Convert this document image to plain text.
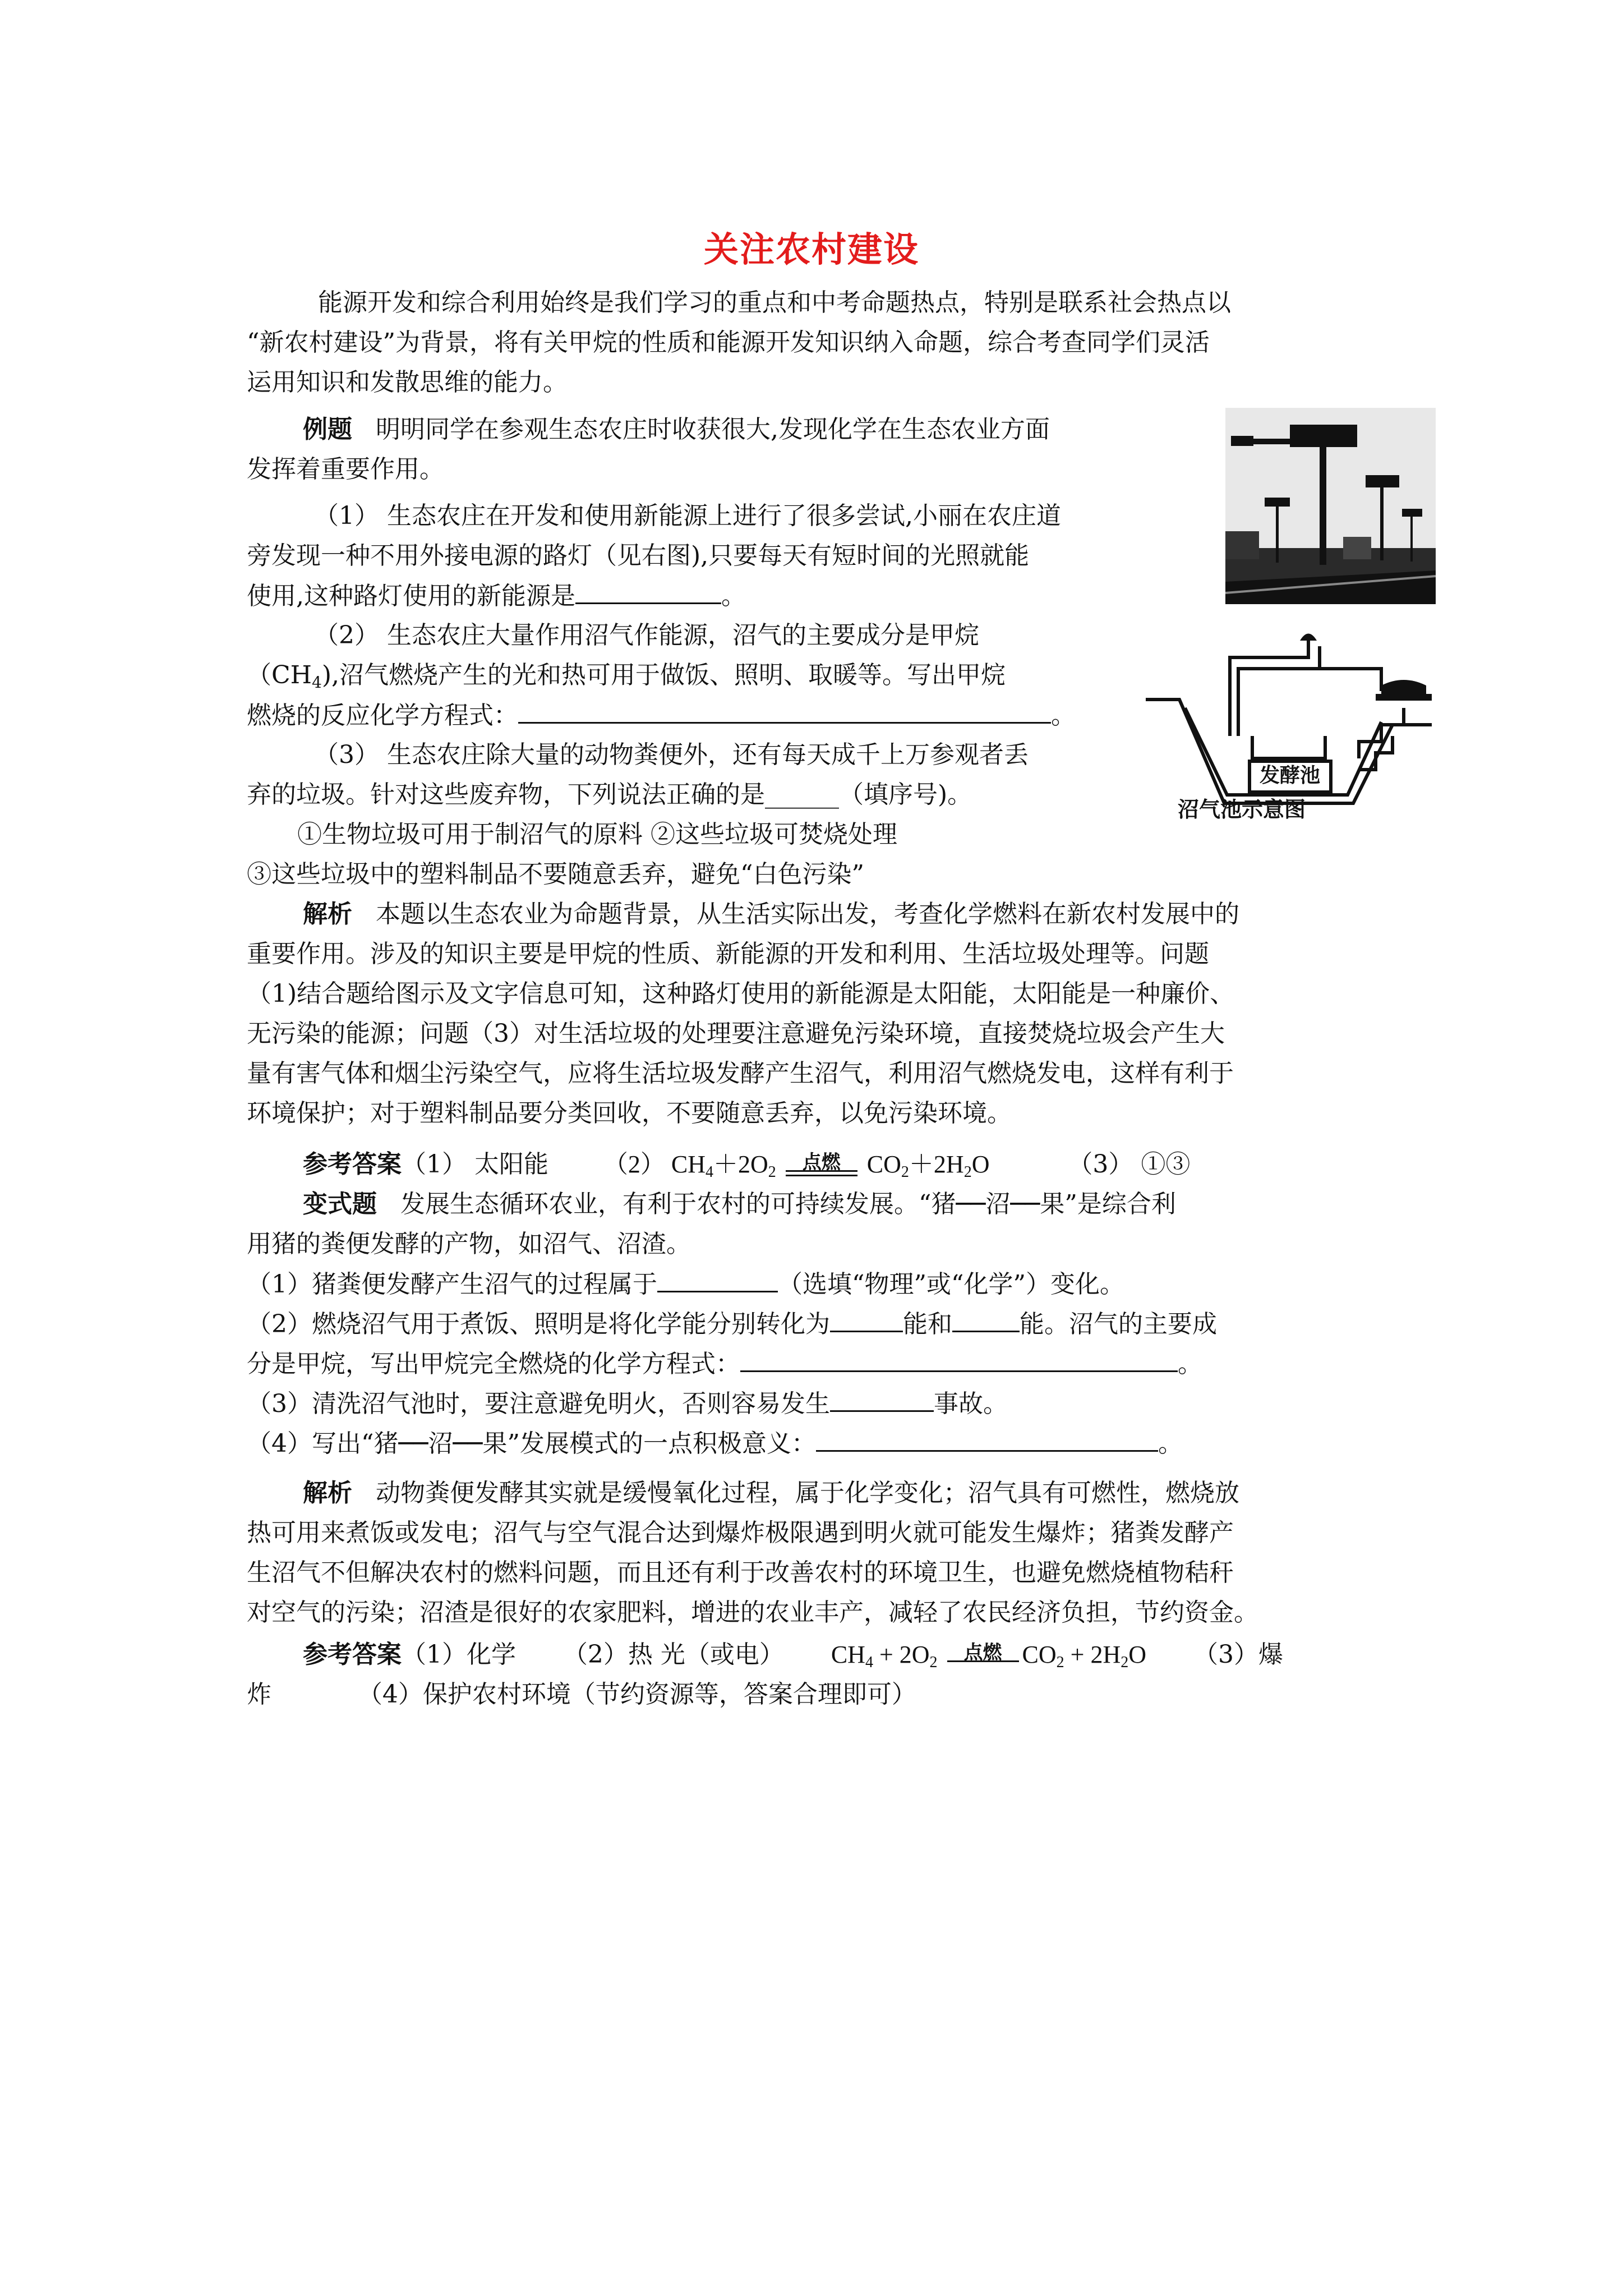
关注农村建设
能源开发和综合利用始终是我们学习的重点和中考命题热点，特别是联系社会热点以
“新农村建设”为背景，将有关甲烷的性质和能源开发知识纳入命题，综合考查同学们灵活
运用知识和发散思维的能力。
例题 明明同学在参观生态农庄时收获很大,发现化学在生态农业方面
发挥着重要作用。
（1） 生态农庄在开发和使用新能源上进行了很多尝试,小丽在农庄道
旁发现一种不用外接电源的路灯（见右图),只要每天有短时间的光照就能
使用,这种路灯使用的新能源是	。
（2） 生态农庄大量作用沼气作能源，沼气的主要成分是甲烷
$(CH_4)$,沼气燃烧产生的光和热可用于做饭、照明、取暖等。写出甲烷
燃烧的反应化学方程式：	。
（3） 生态农庄除大量的动物粪便外，还有每天成千上万参观者丢
弃的垃圾。针对这些废弃物，下列说法正确的是______（填序号)。
①生物垃圾可用于制沼气的原料 ②这些垃圾可焚烧处理
③这些垃圾中的塑料制品不要随意丢弃，避免“白色污染”
发酵池
沼气池示意图
解析 本题以生态农业为命题背景，从生活实际出发，考查化学燃料在新农村发展中的
重要作用。涉及的知识主要是甲烷的性质、新能源的开发和利用、生活垃圾处理等。问题
（1)结合题给图示及文字信息可知，这种路灯使用的新能源是太阳能，太阳能是一种廉价、
无污染的能源；问题（3）对生活垃圾的处理要注意避免污染环境，直接焚烧垃圾会产生大
量有害气体和烟尘污染空气，应将生活垃圾发酵产生沼气，利用沼气燃烧发电，这样有利于
环境保护；对于塑料制品要分类回收，不要随意丢弃，以免污染环境。
参考答案（1） 太阳能 （2） $CH_4+2O_2$	点燃	$CO_2+2H_2O$	（3） ①③
变式题 发展生态循环农业，有利于农村的可持续发展。“猪──沼──果”是综合利
用猪的粪便发酵的产物，如沼气、沼渣。
（1）猪粪便发酵产生沼气的过程属于	（选填“物理”或“化学”）变化。
（2）燃烧沼气用于煮饭、照明是将化学能分别转化为	能和	能。沼气的主要成
分是甲烷，写出甲烷完全燃烧的化学方程式：	。
（3）清洗沼气池时，要注意避免明火，否则容易发生	事故。
（4）写出“猪──沼──果”发展模式的一点积极意义：	。
解析 动物粪便发酵其实就是缓慢氧化过程，属于化学变化；沼气具有可燃性，燃烧放
热可用来煮饭或发电；沼气与空气混合达到爆炸极限遇到明火就可能发生爆炸；猪粪发酵产
生沼气不但解决农村的燃料问题，而且还有利于改善农村的环境卫生，也避免燃烧植物秸秆
对空气的污染；沼渣是很好的农家肥料，增进的农业丰产，减轻了农民经济负担，节约资金。
参考答案（1）化学 （2）热 光（或电） $CH_4 + 2O_2$	点燃 $CO_2 + 2H_2O$ （3）爆
炸	（4）保护农村环境（节约资源等，答案合理即可）
